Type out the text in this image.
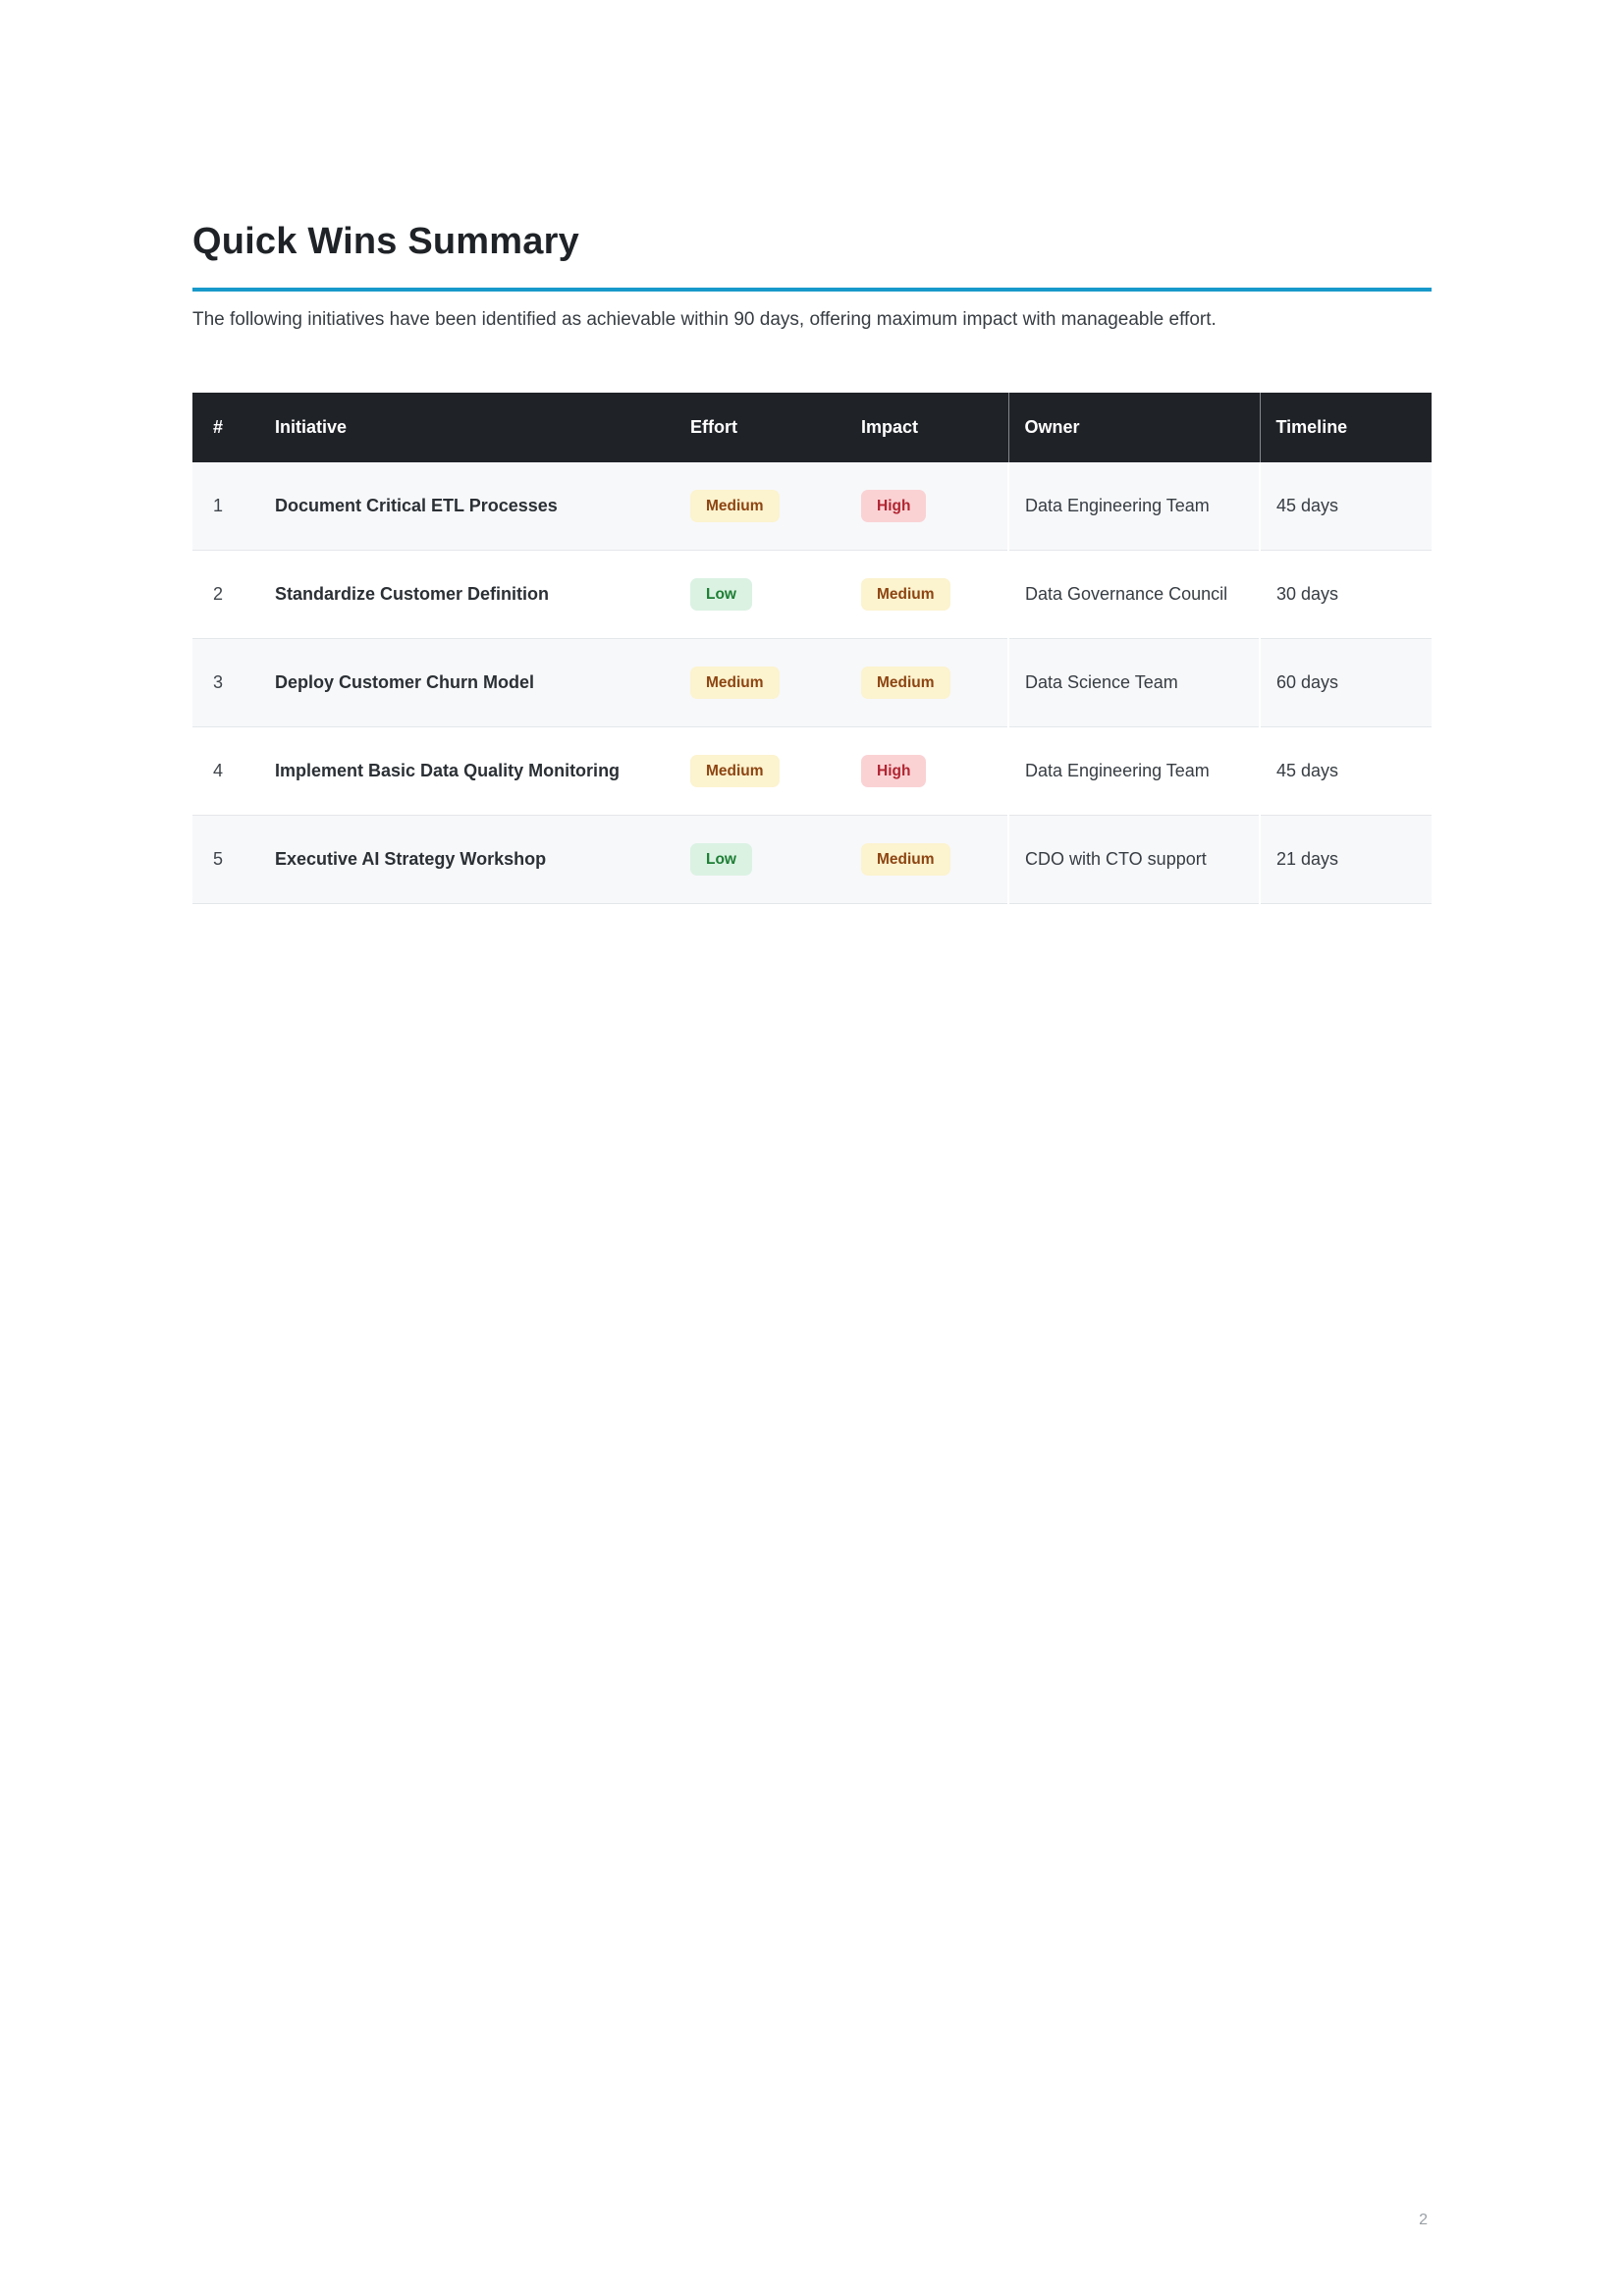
Quick Wins Summary

The following initiatives have been identified as achievable within 90 days, offering maximum impact with manageable effort.

#	Initiative	Effort	Impact	Owner	Timeline
1	Document Critical ETL Processes	Medium	High	Data Engineering Team	45 days
2	Standardize Customer Definition	Low	Medium	Data Governance Council	30 days
3	Deploy Customer Churn Model	Medium	Medium	Data Science Team	60 days
4	Implement Basic Data Quality Monitoring	Medium	High	Data Engineering Team	45 days
5	Executive AI Strategy Workshop	Low	Medium	CDO with CTO support	21 days
2
